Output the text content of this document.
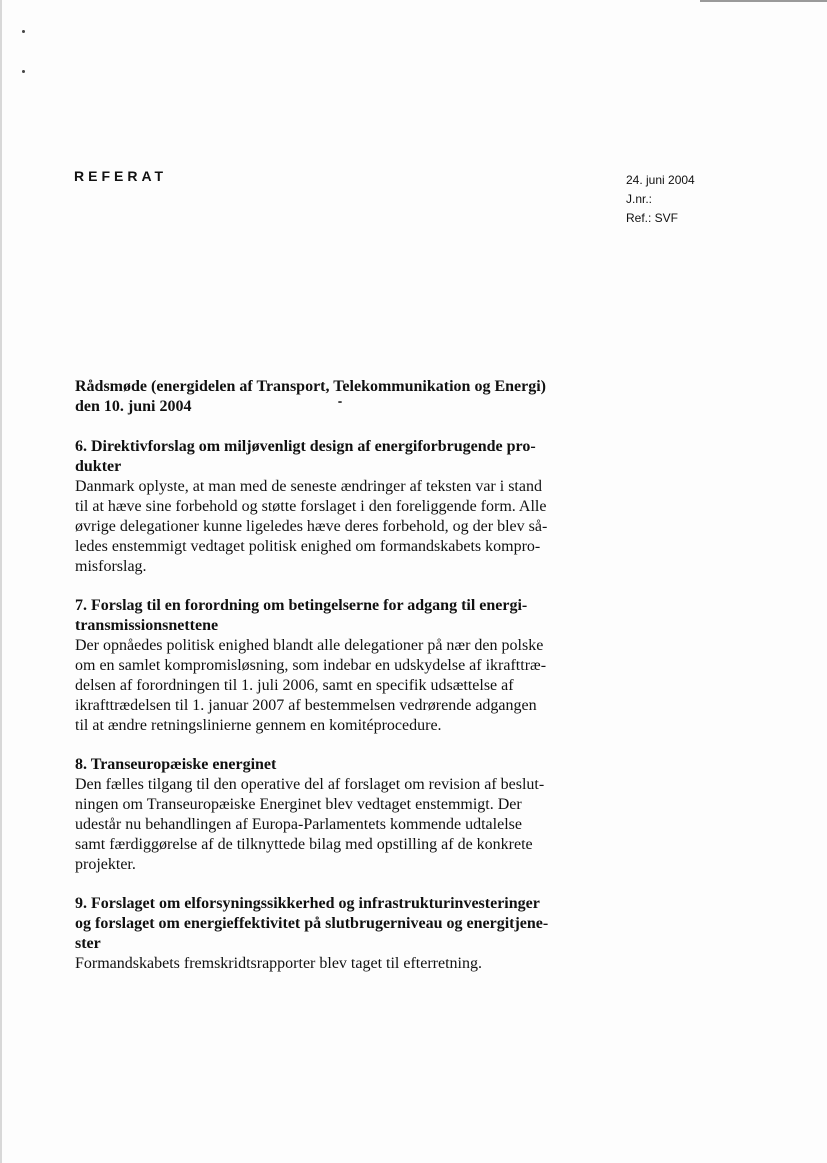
REFERAT	24. juni 2004
J.nr.:
Ref.: SVF
Rådsmøde (energidelen af Transport, Telekommunikation og Energi)
den 10. juni 2004
6. Direktivforslag om miljøvenligt design af energiforbrugende pro-
dukter

Danmark oplyste, at man med de seneste ændringer af teksten var i stand
til at hæve sine forbehold og støtte forslaget i den foreliggende form. Alle
øvrige delegationer kunne ligeledes hæve deres forbehold, og der blev så-
ledes enstemmigt vedtaget politisk enighed om formandskabets kompro-
misforslag.

7. Forslag til en forordning om betingelserne for adgang til energi-
transmissionsnettene

Der opnåedes politisk enighed blandt alle delegationer på nær den polske
om en samlet kompromisløsning, som indebar en udskydelse af ikrafttræ-
delsen af forordningen til 1. juli 2006, samt en specifik udsættelse af
ikrafttrædelsen til 1. januar 2007 af bestemmelsen vedrørende adgangen
til at ændre retningslinierne gennem en komitéprocedure.

8. Transeuropæiske energinet

Den fælles tilgang til den operative del af forslaget om revision af beslut-
ningen om Transeuropæiske Energinet blev vedtaget enstemmigt. Der
udestår nu behandlingen af Europa-Parlamentets kommende udtalelse
samt færdiggørelse af de tilknyttede bilag med opstilling af de konkrete
projekter.

9. Forslaget om elforsyningssikkerhed og infrastrukturinvesteringer
og forslaget om energieffektivitet på slutbrugerniveau og energitjene-
ster

Formandskabets fremskridtsrapporter blev taget til efterretning.
